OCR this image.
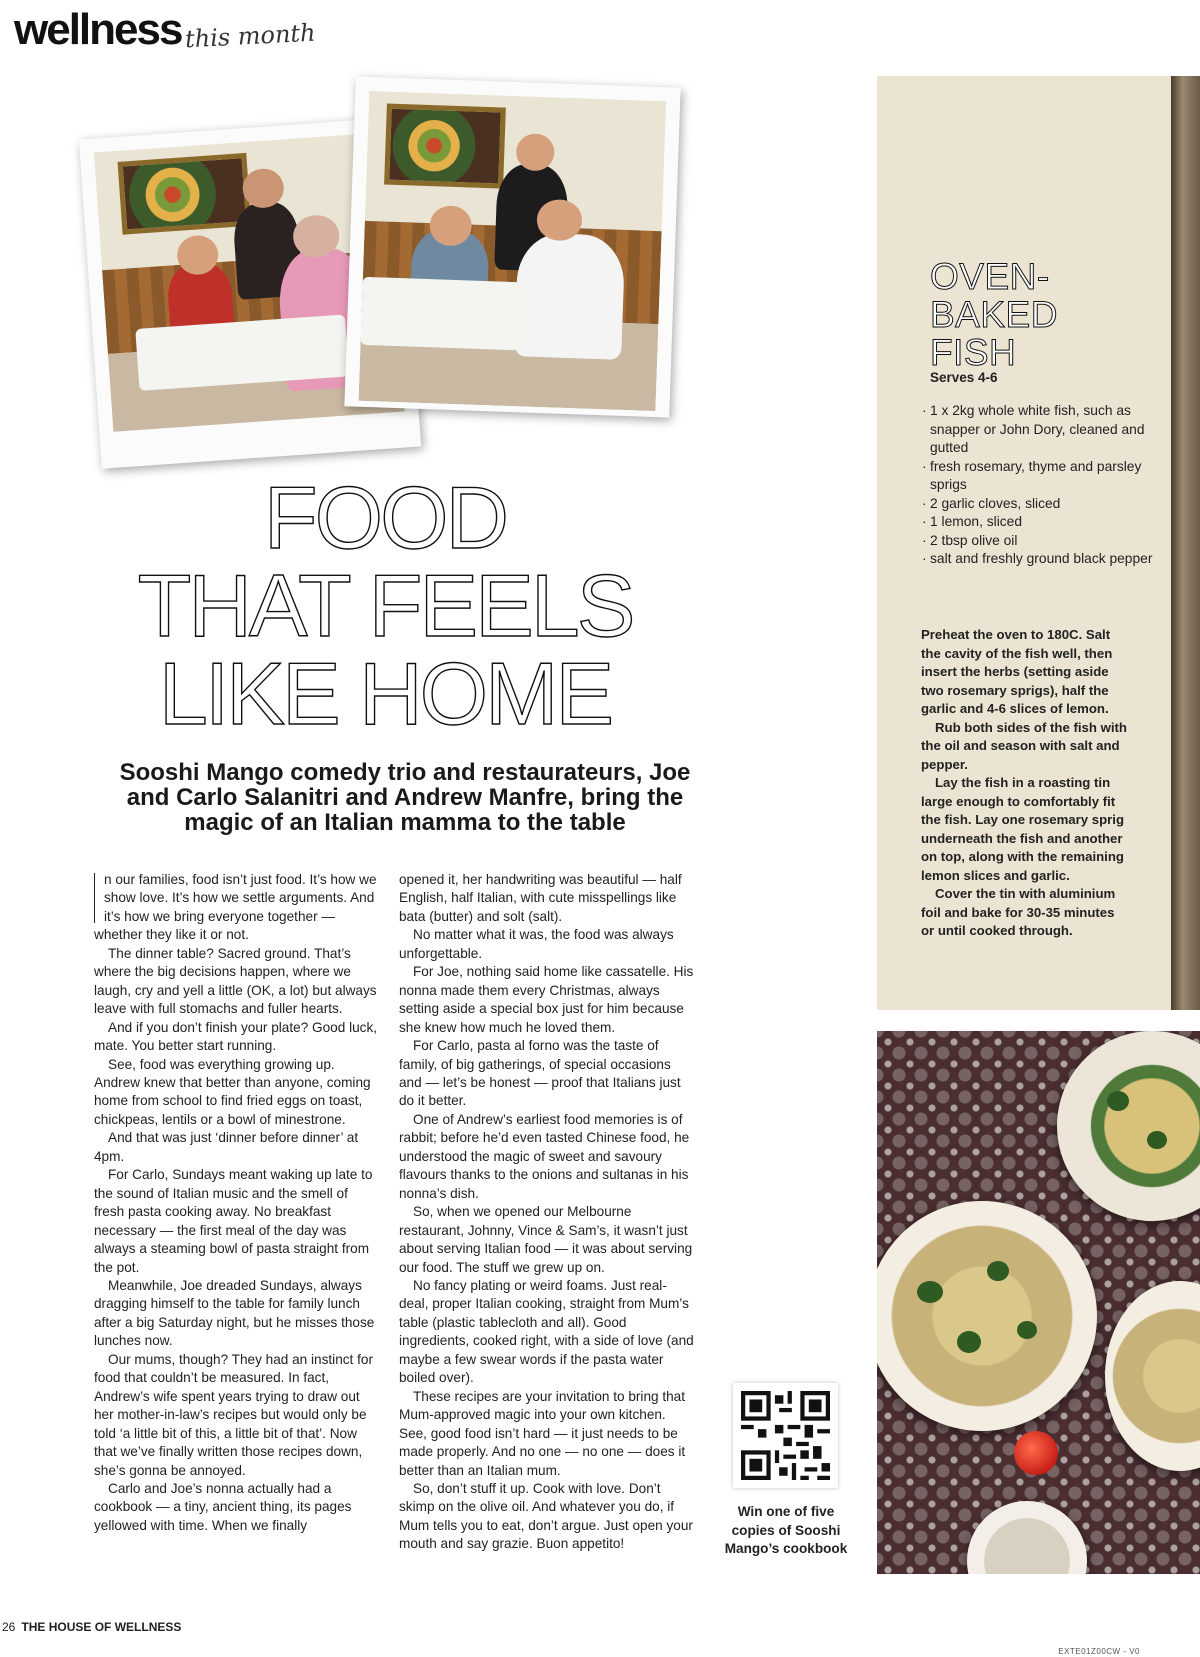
wellness this month
FOOD
THAT FEELS
LIKE HOME
Sooshi Mango comedy trio and restaurateurs, Joe and Carlo Salanitri and Andrew Manfre, bring the magic of an Italian mamma to the table

n our families, food isn’t just food. It’s how we show love. It’s how we settle arguments. And it’s how we bring everyone together — whether they like it or not.

The dinner table? Sacred ground. That’s where the big decisions happen, where we laugh, cry and yell a little (OK, a lot) but always leave with full stomachs and fuller hearts.

And if you don’t finish your plate? Good luck, mate. You better start running.

See, food was everything growing up. Andrew knew that better than anyone, coming home from school to find fried eggs on toast, chickpeas, lentils or a bowl of minestrone.

And that was just ‘dinner before dinner’ at 4pm.

For Carlo, Sundays meant waking up late to the sound of Italian music and the smell of fresh pasta cooking away. No breakfast necessary — the first meal of the day was always a steaming bowl of pasta straight from the pot.

Meanwhile, Joe dreaded Sundays, always dragging himself to the table for family lunch after a big Saturday night, but he misses those lunches now.

Our mums, though? They had an instinct for food that couldn’t be measured. In fact, Andrew’s wife spent years trying to draw out her mother-in-law’s recipes but would only be told ‘a little bit of this, a little bit of that’. Now that we’ve finally written those recipes down, she’s gonna be annoyed.

Carlo and Joe’s nonna actually had a cookbook — a tiny, ancient thing, its pages yellowed with time. When we finally

opened it, her handwriting was beautiful — half English, half Italian, with cute misspellings like bata (butter) and solt (salt).

No matter what it was, the food was always unforgettable.

For Joe, nothing said home like cassatelle. His nonna made them every Christmas, always setting aside a special box just for him because she knew how much he loved them.

For Carlo, pasta al forno was the taste of family, of big gatherings, of special occasions and — let’s be honest — proof that Italians just do it better.

One of Andrew’s earliest food memories is of rabbit; before he’d even tasted Chinese food, he understood the magic of sweet and savoury flavours thanks to the onions and sultanas in his nonna’s dish.

So, when we opened our Melbourne restaurant, Johnny, Vince & Sam’s, it wasn’t just about serving Italian food — it was about serving our food. The stuff we grew up on.

No fancy plating or weird foams. Just real-deal, proper Italian cooking, straight from Mum’s table (plastic tablecloth and all). Good ingredients, cooked right, with a side of love (and maybe a few swear words if the pasta water boiled over).

These recipes are your invitation to bring that Mum-approved magic into your own kitchen. See, good food isn’t hard — it just needs to be made properly. And no one — no one — does it better than an Italian mum.

So, don’t stuff it up. Cook with love. Don’t skimp on the olive oil. And whatever you do, if Mum tells you to eat, don’t argue. Just open your mouth and say grazie. Buon appetito!

OVEN-
BAKED
FISH
Serves 4-6
· 1 x 2kg whole white fish, such as snapper or John Dory, cleaned and gutted
· fresh rosemary, thyme and parsley sprigs
· 2 garlic cloves, sliced
· 1 lemon, sliced
· 2 tbsp olive oil
· salt and freshly ground black pepper

Preheat the oven to 180C. Salt the cavity of the fish well, then insert the herbs (setting aside two rosemary sprigs), half the garlic and 4-6 slices of lemon.

Rub both sides of the fish with the oil and season with salt and pepper.

Lay the fish in a roasting tin large enough to comfortably fit the fish. Lay one rosemary sprig underneath the fish and another on top, along with the remaining lemon slices and garlic.

Cover the tin with aluminium foil and bake for 30-35 minutes or until cooked through.

Win one of five copies of Sooshi Mango’s cookbook
26 THE HOUSE OF WELLNESS
EXTE01Z00CW - V0
